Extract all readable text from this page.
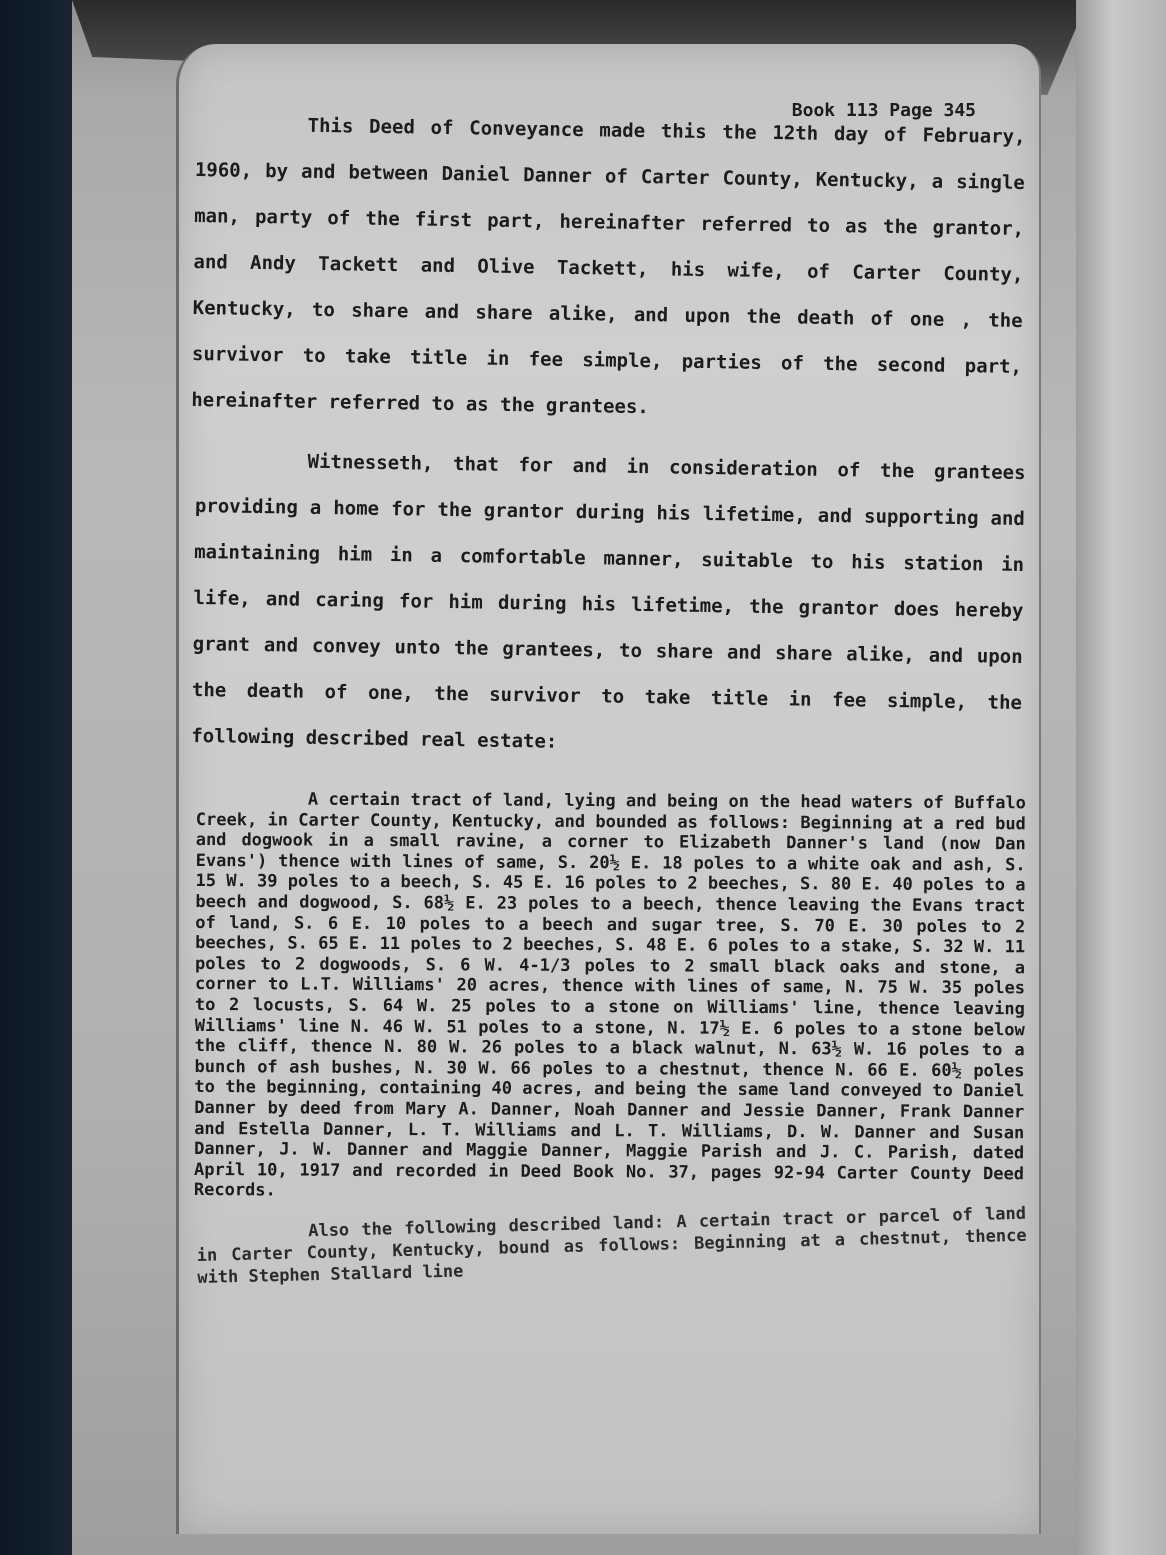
Book 113 Page 345

This Deed of Conveyance made this the 12th day of February, 1960, by and between Daniel Danner of Carter County, Kentucky, a single man, party of the first part, hereinafter referred to as the grantor, and Andy Tackett and Olive Tackett, his wife, of Carter County, Kentucky, to share and share alike, and upon the death of one , the survivor to take title in fee simple, parties of the second part, hereinafter referred to as the grantees.

Witnesseth, that for and in consideration of the grantees providing a home for the grantor during his lifetime, and supporting and maintaining him in a comfortable manner, suitable to his station in life, and caring for him during his lifetime, the grantor does hereby grant and convey unto the grantees, to share and share alike, and upon the death of one, the survivor to take title in fee simple, the following described real estate:

A certain tract of land, lying and being on the head waters of Buffalo Creek, in Carter County, Kentucky, and bounded as follows: Beginning at a red bud and dogwook in a small ravine, a corner to Elizabeth Danner's land (now Dan Evans') thence with lines of same, S. 20½ E. 18 poles to a white oak and ash, S. 15 W. 39 poles to a beech, S. 45 E. 16 poles to 2 beeches, S. 80 E. 40 poles to a beech and dogwood, S. 68½ E. 23 poles to a beech, thence leaving the Evans tract of land, S. 6 E. 10 poles to a beech and sugar tree, S. 70 E. 30 poles to 2 beeches, S. 65 E. 11 poles to 2 beeches, S. 48 E. 6 poles to a stake, S. 32 W. 11 poles to 2 dogwoods, S. 6 W. 4-1/3 poles to 2 small black oaks and stone, a corner to L.T. Williams' 20 acres, thence with lines of same, N. 75 W. 35 poles to 2 locusts, S. 64 W. 25 poles to a stone on Williams' line, thence leaving Williams' line N. 46 W. 51 poles to a stone, N. 17½ E. 6 poles to a stone below the cliff, thence N. 80 W. 26 poles to a black walnut, N. 63½ W. 16 poles to a bunch of ash bushes, N. 30 W. 66 poles to a chestnut, thence N. 66 E. 60½ poles to the beginning, containing 40 acres, and being the same land conveyed to Daniel Danner by deed from Mary A. Danner, Noah Danner and Jessie Danner, Frank Danner and Estella Danner, L. T. Williams and L. T. Williams, D. W. Danner and Susan Danner, J. W. Danner and Maggie Danner, Maggie Parish and J. C. Parish, dated April 10, 1917 and recorded in Deed Book No. 37, pages 92-94 Carter County Deed Records.

Also the following described land: A certain tract or parcel of land in Carter County, Kentucky, bound as follows: Beginning at a chestnut, thence with Stephen Stallard line
